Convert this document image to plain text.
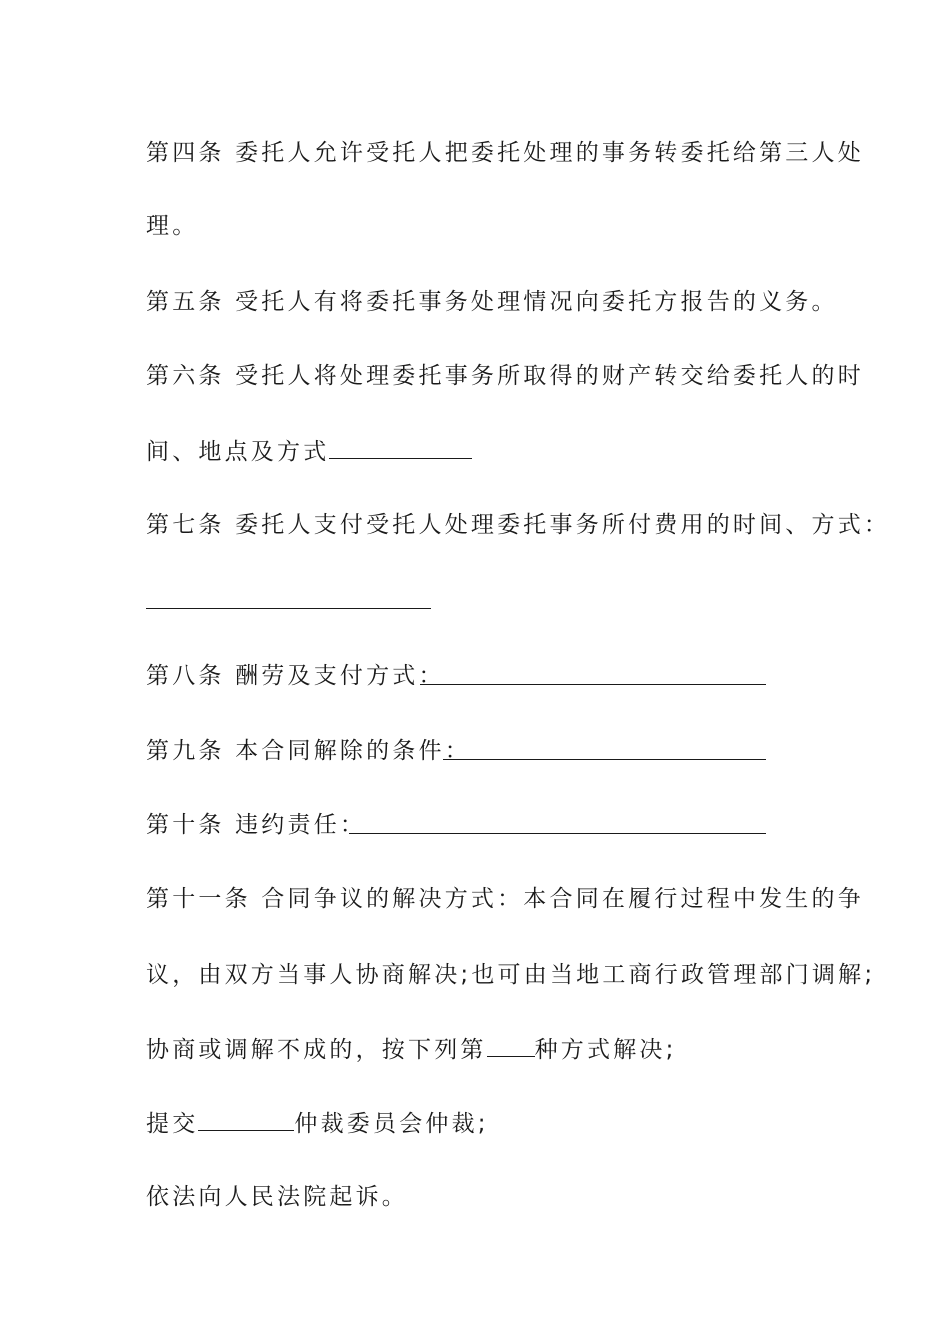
第四条 委托人允许受托人把委托处理的事务转委托给第三人处
理。
第五条 受托人有将委托事务处理情况向委托方报告的义务。
第六条 受托人将处理委托事务所取得的财产转交给委托人的时
间、地点及方式
第七条 委托人支付受托人处理委托事务所付费用的时间、方式：
第八条 酬劳及支付方式：
第九条 本合同解除的条件：
第十条 违约责任：
第十一条 合同争议的解决方式：本合同在履行过程中发生的争
议，由双方当事人协商解决;也可由当地工商行政管理部门调解;
协商或调解不成的，按下列第 种方式解决;
提交	仲裁委员会仲裁;
依法向人民法院起诉。
